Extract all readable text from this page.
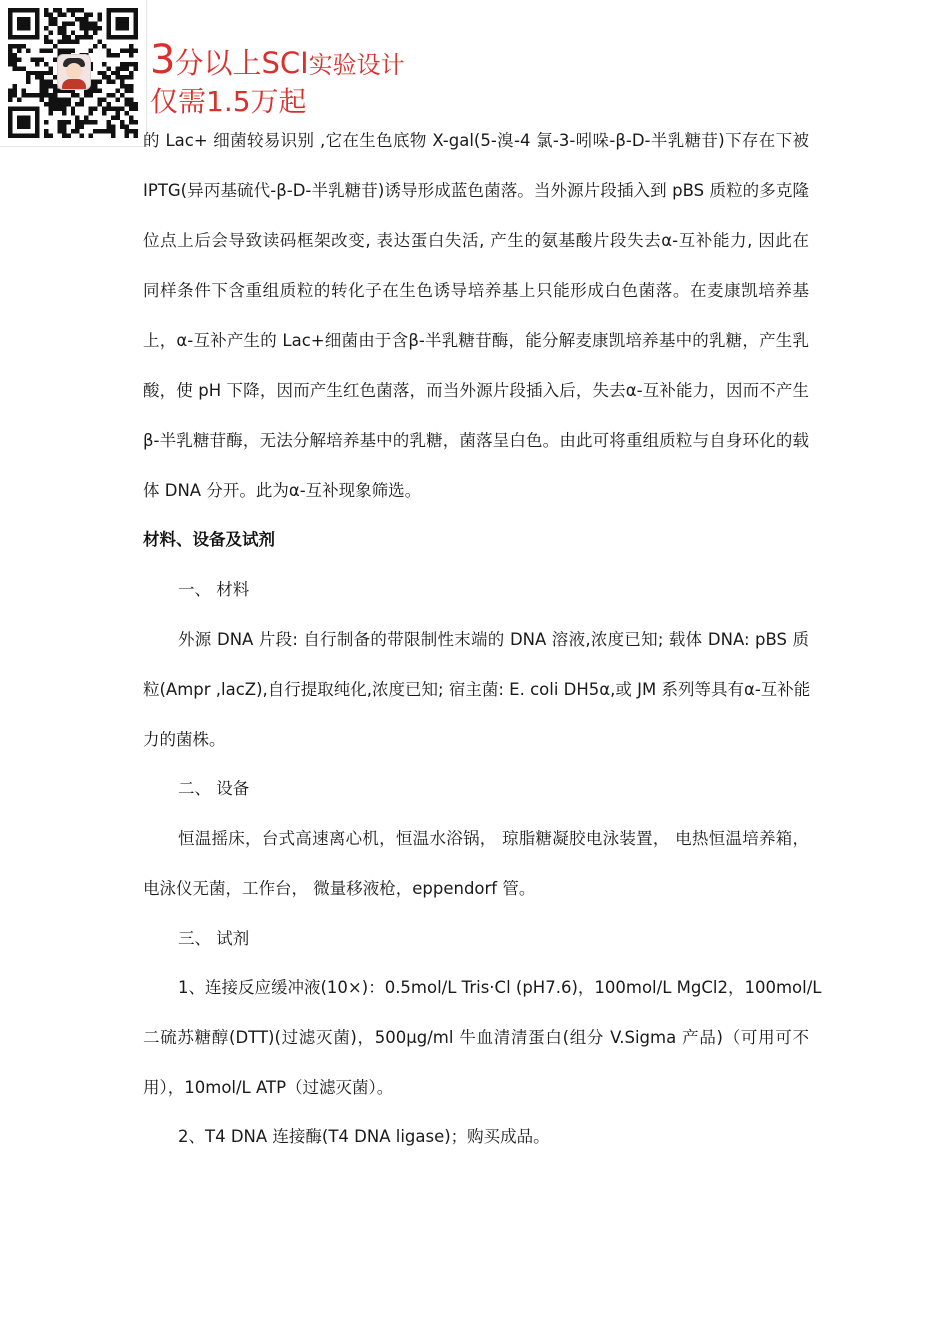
3分以上SCI实验设计
仅需1.5万起
的 Lac+ 细菌较易识别 ,它在生色底物 X-gal(5-溴-4 氯-3-吲哚-β-D-半乳糖苷)下存在下被
IPTG(异丙基硫代-β-D-半乳糖苷)诱导形成蓝色菌落。当外源片段插入到 pBS 质粒的多克隆
位点上后会导致读码框架改变, 表达蛋白失活, 产生的氨基酸片段失去α-互补能力, 因此在
同样条件下含重组质粒的转化子在生色诱导培养基上只能形成白色菌落。在麦康凯培养基
上，α-互补产生的 Lac+细菌由于含β-半乳糖苷酶，能分解麦康凯培养基中的乳糖，产生乳
酸，使 pH 下降，因而产生红色菌落，而当外源片段插入后，失去α-互补能力，因而不产生
β-半乳糖苷酶，无法分解培养基中的乳糖，菌落呈白色。由此可将重组质粒与自身环化的载
体 DNA 分开。此为α-互补现象筛选。
材料、设备及试剂
一、 材料
外源 DNA 片段: 自行制备的带限制性末端的 DNA 溶液,浓度已知; 载体 DNA: pBS 质
粒(Ampr ,lacZ),自行提取纯化,浓度已知; 宿主菌: E. coli DH5α,或 JM 系列等具有α-互补能
力的菌株。
二、 设备
恒温摇床，台式高速离心机，恒温水浴锅， 琼脂糖凝胶电泳装置， 电热恒温培养箱，
电泳仪无菌，工作台， 微量移液枪，eppendorf 管。
三、 试剂
1、连接反应缓冲液(10×)：0.5mol/L Tris·Cl (pH7.6)，100mol/L MgCl2，100mol/L
二硫苏糖醇(DTT)(过滤灭菌)，500μg/ml 牛血清清蛋白(组分 V.Sigma 产品)（可用可不
用），10mol/L ATP（过滤灭菌）。
2、T4 DNA 连接酶(T4 DNA ligase)；购买成品。
